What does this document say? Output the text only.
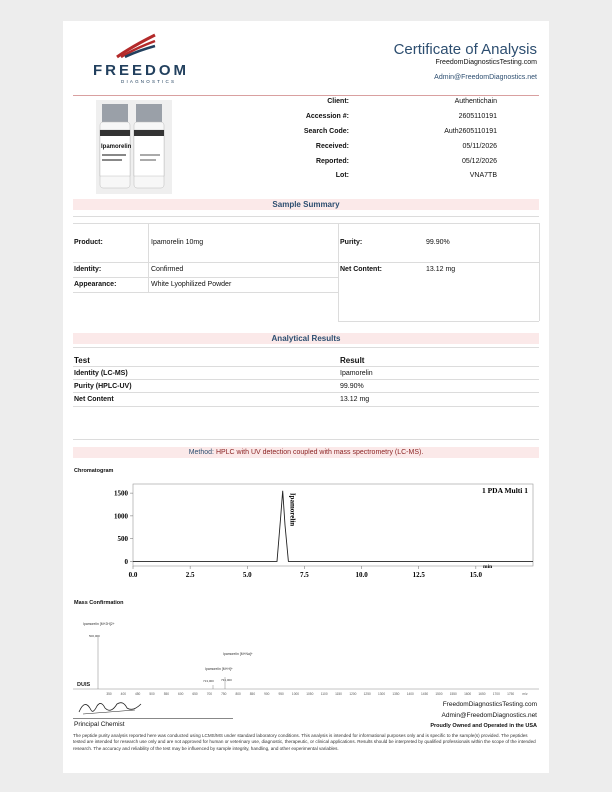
FREEDOM
DIAGNOSTICS
Certificate of Analysis
FreedomDiagnosticsTesting.com
Admin@FreedomDiagnostics.net
Ipamorelin
Client:	Authentichain
Accession #:	2605110191
Search Code:	Auth2605110191
Received:	05/11/2026
Reported:	05/12/2026
Lot:	VNA7TB
Sample Summary
Product:	Ipamorelin 10mg	Purity:	99.90%
Identity:	Confirmed	Net Content:	13.12 mg
Appearance:	White Lyophilized Powder
Analytical Results
Test	Result
Identity (LC-MS)	Ipamorelin
Purity (HPLC-UV)	99.90%
Net Content	13.12 mg
Method: HPLC with UV detection coupled with mass spectrometry (LC-MS).
Chromatogram
Ipamorelin
1 PDA Multi 1
0.0	2.5	5.0	7.5	10.0	12.5	15.0
0
500
1000
1500
min
Mass Confirmation
Ipamorelin [M+2H]2+
500,000
Ipamorelin [M+Na]+
Ipamorelin [M+H]+
DUIS
713,000 734,000
350	400	450	500	550	600	650	700	750	800	850	900	950	1000 1050 1100 1150 1200 1250 1300 1350 1400 1450 1500 1550 1600 1650 1700 1750	m/z
Principal Chemist
FreedomDiagnosticsTesting.com
Admin@FreedomDiagnostics.net
Proudly Owned and Operated in the USA
The peptide purity analysis reported here was conducted using LCMS/MS under standard laboratory conditions. This analysis is intended for informational purposes only and is specific to the sample(s) provided. The peptides tested are intended for research use only and are not approved for human or veterinary use, diagnostic, therapeutic, or clinical applications. Results should be interpreted by qualified professionals within the scope of the intended research. The accuracy and reliability of the test may be influenced by sample integrity, handling, and other experimental variables.
